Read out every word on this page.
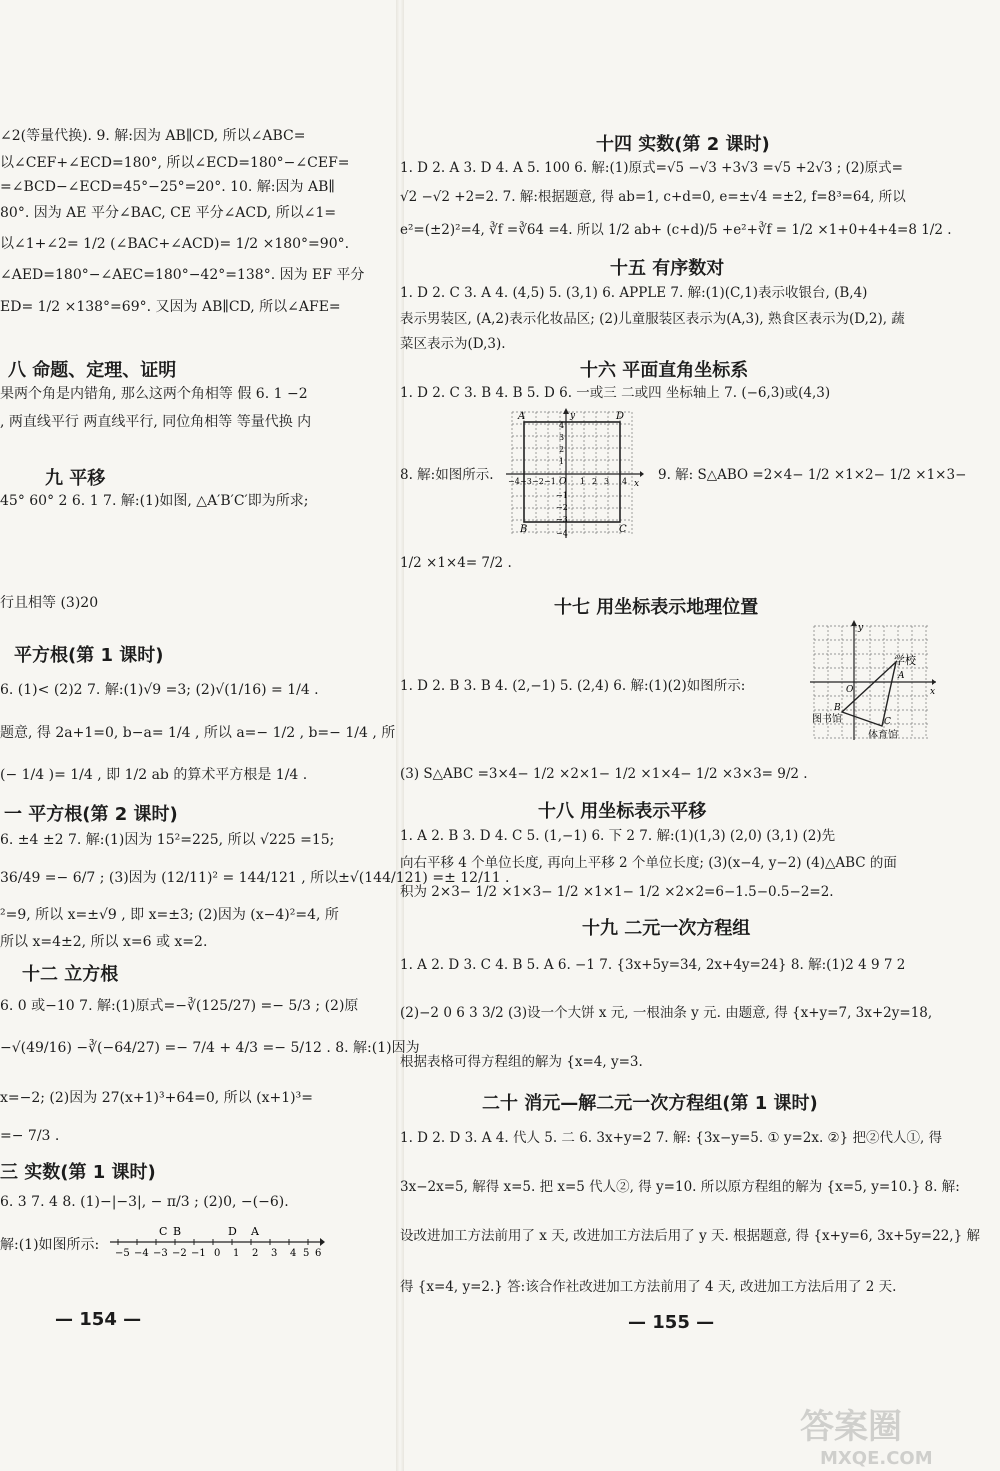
∠2(等量代换). 9. 解:因为 AB∥CD, 所以∠ABC=
以∠CEF+∠ECD=180°, 所以∠ECD=180°−∠CEF=
=∠BCD−∠ECD=45°−25°=20°. 10. 解:因为 AB∥
80°. 因为 AE 平分∠BAC, CE 平分∠ACD, 所以∠1=
以∠1+∠2= 1/2 (∠BAC+∠ACD)= 1/2 ×180°=90°.
∠AED=180°−∠AEC=180°−42°=138°. 因为 EF 平分
ED= 1/2 ×138°=69°. 又因为 AB∥CD, 所以∠AFE=
八 命题、定理、证明
果两个角是内错角, 那么这两个角相等 假 6. 1 −2
, 两直线平行 两直线平行, 同位角相等 等量代换 内
九 平移
45° 60° 2 6. 1 7. 解:(1)如图, △A′B′C′即为所求;
行且相等 (3)20
平方根(第 1 课时)
6. (1)< (2)2 7. 解:(1)√9 =3; (2)√(1/16) = 1/4 .
题意, 得 2a+1=0, b−a= 1/4 , 所以 a=− 1/2 , b=− 1/4 , 所
(− 1/4 )= 1/4 , 即 1/2 ab 的算术平方根是 1/4 .
一 平方根(第 2 课时)
6. ±4 ±2 7. 解:(1)因为 15²=225, 所以 √225 =15;
36/49 =− 6/7 ; (3)因为 (12/11)² = 144/121 , 所以±√(144/121) =± 12/11 .
²=9, 所以 x=±√9 , 即 x=±3; (2)因为 (x−4)²=4, 所
所以 x=4±2, 所以 x=6 或 x=2.
十二 立方根
6. 0 或−10 7. 解:(1)原式=−∛(125/27) =− 5/3 ; (2)原
−√(49/16) −∛(−64/27) =− 7/4 + 4/3 =− 5/12 . 8. 解:(1)因为
x=−2; (2)因为 27(x+1)³+64=0, 所以 (x+1)³=
=− 7/3 .
三 实数(第 1 课时)
6. 3 7. 4 8. (1)−|−3|, − π/3 ; (2)0, −(−6).
解:(1)如图所示:
C B	D A
−5 −4 −3 −2 −1 0 1 2 3 4 5 6
— 154 —
十四 实数(第 2 课时)
1. D 2. A 3. D 4. A 5. 100 6. 解:(1)原式=√5 −√3 +3√3 =√5 +2√3 ; (2)原式=
√2 −√2 +2=2. 7. 解:根据题意, 得 ab=1, c+d=0, e=±√4 =±2, f=8³=64, 所以
e²=(±2)²=4, ∛f =∛64 =4. 所以 1/2 ab+ (c+d)/5 +e²+∛f = 1/2 ×1+0+4+4=8 1/2 .
十五 有序数对
1. D 2. C 3. A 4. (4,5) 5. (3,1) 6. APPLE 7. 解:(1)(C,1)表示收银台, (B,4)
表示男装区, (A,2)表示化妆品区; (2)儿童服装区表示为(A,3), 熟食区表示为(D,2), 蔬
菜区表示为(D,3).
十六 平面直角坐标系
1. D 2. C 3. B 4. B 5. D 6. 一或三 二或四 坐标轴上 7. (−6,3)或(4,3)
A	D
B	C
O	x
y
4
3
2
1
−1
−2
−3
−4
−4 −3 −2 −1	1 2 3 4
8. 解:如图所示.	9. 解: S△ABO =2×4− 1/2 ×1×2− 1/2 ×1×3−
1/2 ×1×4= 7/2 .
十七 用坐标表示地理位置
学校
图书馆
体育馆
A
B
C
O	x
y
1. D 2. B 3. B 4. (2,−1) 5. (2,4) 6. 解:(1)(2)如图所示:
(3) S△ABC =3×4− 1/2 ×2×1− 1/2 ×1×4− 1/2 ×3×3= 9/2 .
十八 用坐标表示平移
1. A 2. B 3. D 4. C 5. (1,−1) 6. 下 2 7. 解:(1)(1,3) (2,0) (3,1) (2)先
向右平移 4 个单位长度, 再向上平移 2 个单位长度; (3)(x−4, y−2) (4)△ABC 的面
积为 2×3− 1/2 ×1×3− 1/2 ×1×1− 1/2 ×2×2=6−1.5−0.5−2=2.
十九 二元一次方程组
1. A 2. D 3. C 4. B 5. A 6. −1 7. {3x+5y=34, 2x+4y=24} 8. 解:(1)2 4 9 7 2
(2)−2 0 6 3 3/2 (3)设一个大饼 x 元, 一根油条 y 元. 由题意, 得 {x+y=7, 3x+2y=18,
根据表格可得方程组的解为 {x=4, y=3.
二十 消元—解二元一次方程组(第 1 课时)
1. D 2. D 3. A 4. 代人 5. 二 6. 3x+y=2 7. 解: {3x−y=5. ① y=2x. ②} 把②代人①, 得
3x−2x=5, 解得 x=5. 把 x=5 代人②, 得 y=10. 所以原方程组的解为 {x=5, y=10.} 8. 解:
设改进加工方法前用了 x 天, 改进加工方法后用了 y 天. 根据题意, 得 {x+y=6, 3x+5y=22,} 解
得 {x=4, y=2.} 答:该合作社改进加工方法前用了 4 天, 改进加工方法后用了 2 天.
— 155 —
答案圈
MXQE.COM
